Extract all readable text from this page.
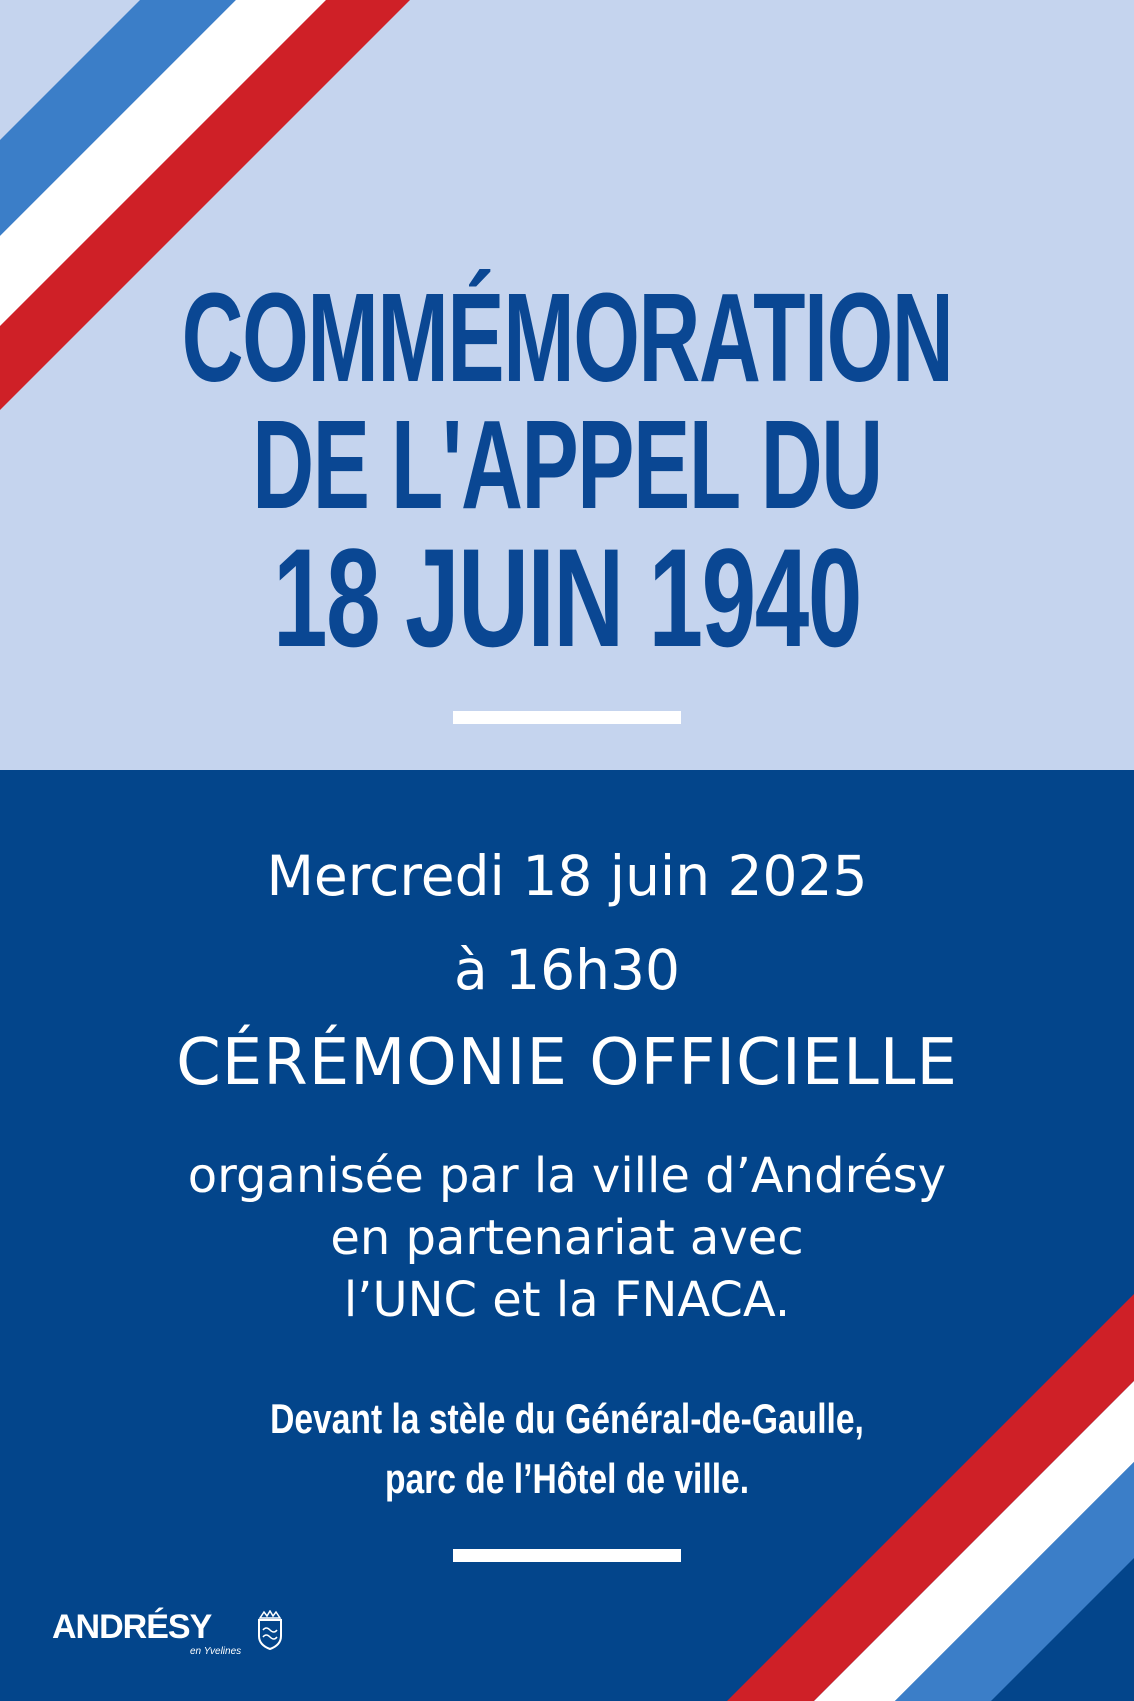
COMMÉMORATION
DE L'APPEL DU
18 JUIN 1940
Mercredi 18 juin 2025
à 16h30
CÉRÉMONIE OFFICIELLE
organisée par la ville d’Andrésy
en partenariat avec
l’UNC et la FNACA.
Devant la stèle du Général-de-Gaulle,
parc de l’Hôtel de ville.
ANDRÉSY
en Yvelines
